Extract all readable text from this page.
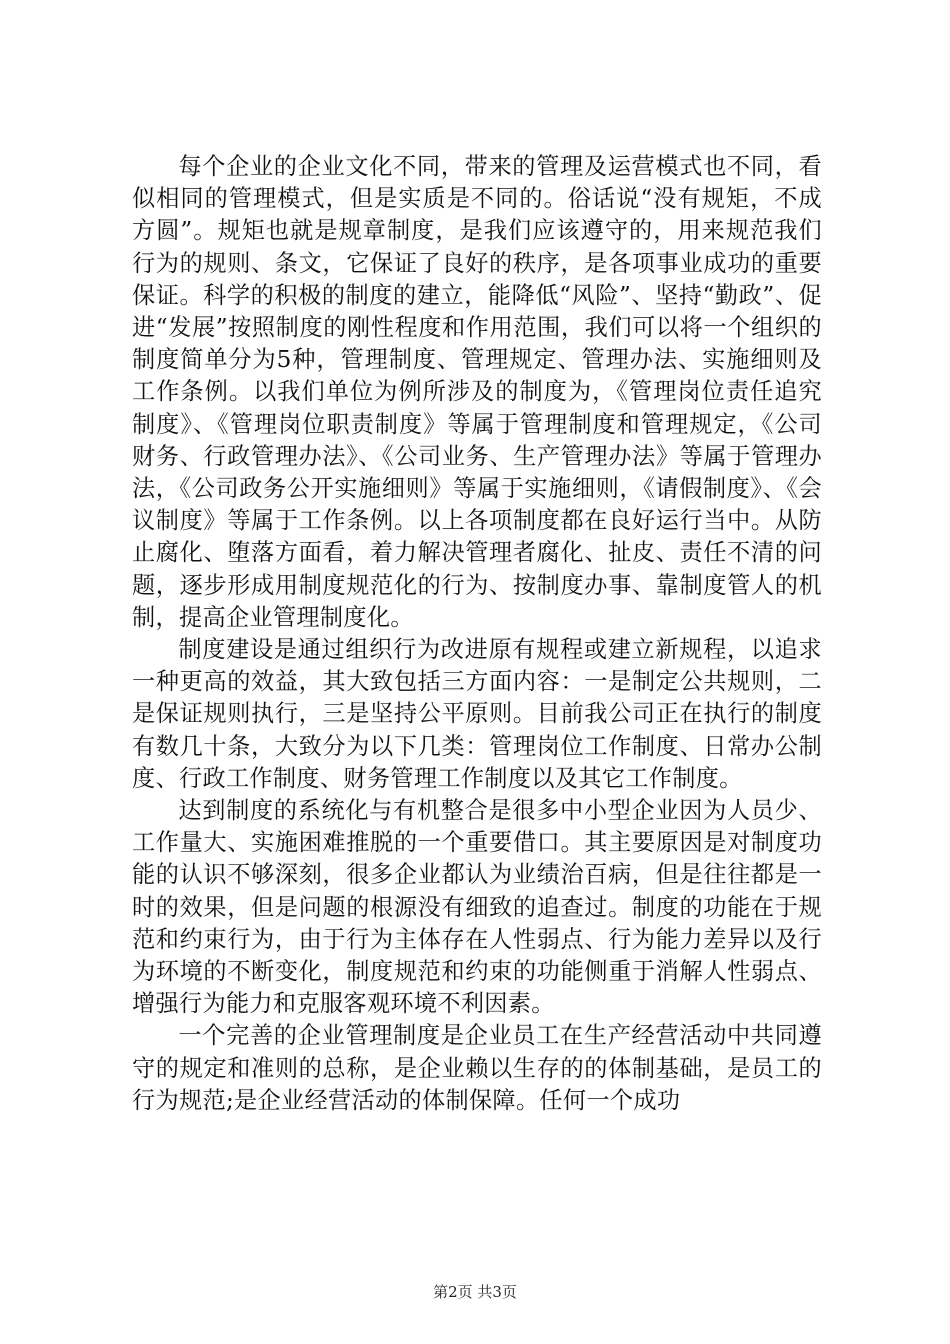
每个企业的企业文化不同，带来的管理及运营模式也不同，看似相同的管理模式，但是实质是不同的。俗话说“没有规矩，不成方圆”。规矩也就是规章制度，是我们应该遵守的，用来规范我们行为的规则、条文，它保证了良好的秩序，是各项事业成功的重要保证。科学的积极的制度的建立，能降低“风险”、坚持“勤政”、促进“发展”按照制度的刚性程度和作用范围，我们可以将一个组织的制度简单分为5种，管理制度、管理规定、管理办法、实施细则及工作条例。以我们单位为例所涉及的制度为，《管理岗位责任追究制度》、《管理岗位职责制度》等属于管理制度和管理规定，《公司财务、行政管理办法》、《公司业务、生产管理办法》等属于管理办法，《公司政务公开实施细则》等属于实施细则，《请假制度》、《会议制度》等属于工作条例。以上各项制度都在良好运行当中。从防止腐化、堕落方面看，着力解决管理者腐化、扯皮、责任不清的问题，逐步形成用制度规范化的行为、按制度办事、靠制度管人的机制，提高企业管理制度化。

制度建设是通过组织行为改进原有规程或建立新规程，以追求一种更高的效益，其大致包括三方面内容：一是制定公共规则，二是保证规则执行，三是坚持公平原则。目前我公司正在执行的制度有数几十条，大致分为以下几类：管理岗位工作制度、日常办公制度、行政工作制度、财务管理工作制度以及其它工作制度。

达到制度的系统化与有机整合是很多中小型企业因为人员少、工作量大、实施困难推脱的一个重要借口。其主要原因是对制度功能的认识不够深刻，很多企业都认为业绩治百病，但是往往都是一时的效果，但是问题的根源没有细致的追查过。制度的功能在于规范和约束行为，由于行为主体存在人性弱点、行为能力差异以及行为环境的不断变化，制度规范和约束的功能侧重于消解人性弱点、增强行为能力和克服客观环境不利因素。

一个完善的企业管理制度是企业员工在生产经营活动中共同遵守的规定和准则的总称，是企业赖以生存的的体制基础，是员工的行为规范;是企业经营活动的体制保障。任何一个成功

第2页 共3页
